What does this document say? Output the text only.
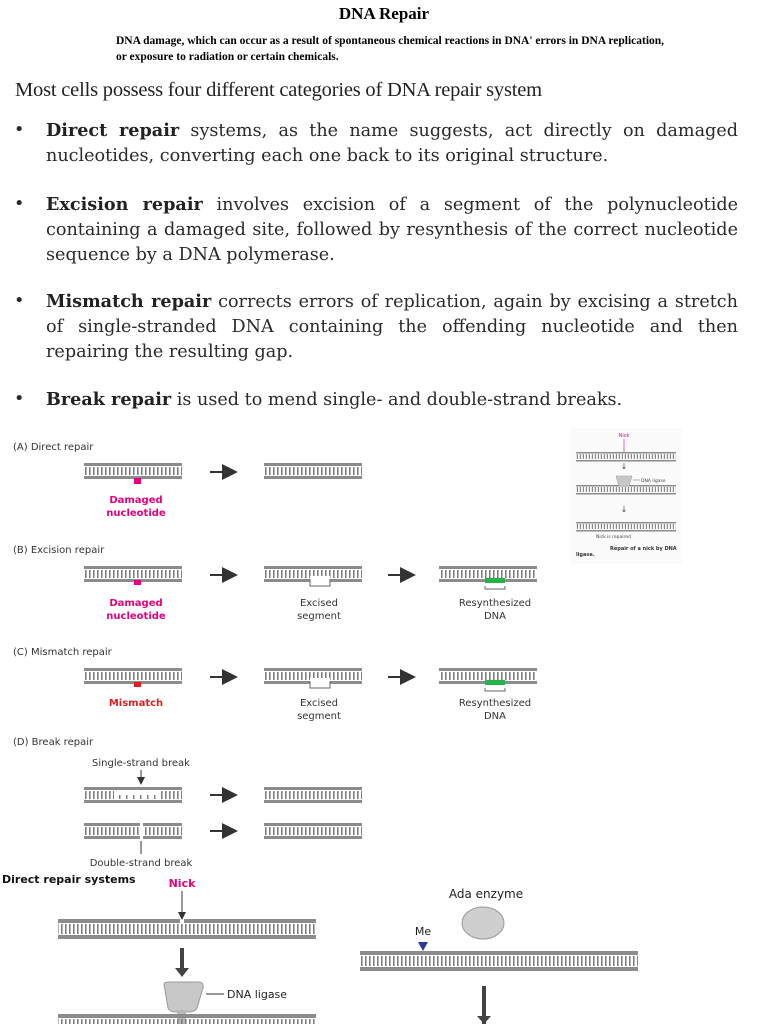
DNA Repair
DNA damage, which can occur as a result of spontaneous chemical reactions in DNA' errors in DNA replication, or exposure to radiation or certain chemicals.
Most cells possess four different categories of DNA repair system
•	Direct repair systems, as the name suggests, act directly on damaged nucleotides, converting each one back to its original structure.
•	Excision repair involves excision of a segment of the polynucleotide containing a damaged site, followed by resynthesis of the correct nucleotide sequence by a DNA polymerase.
•	Mismatch repair corrects errors of replication, again by excising a stretch of single-stranded DNA containing the offending nucleotide and then repairing the resulting gap.
•	Break repair is used to mend single- and double-strand breaks.
(A) Direct repair
Damaged
nucleotide
(B) Excision repair
Damaged
nucleotide
Excised
segment
Resynthesized
DNA
(C) Mismatch repair
Mismatch	Excised
segment
Resynthesized
DNA
(D) Break repair
Single-strand break
Double-strand break
Nick
↓
DNA ligase
↓
Nick is repaired
Repair of a nick by DNA
ligase.
Direct repair systems	Nick
DNA ligase
Ada enzyme
Me
